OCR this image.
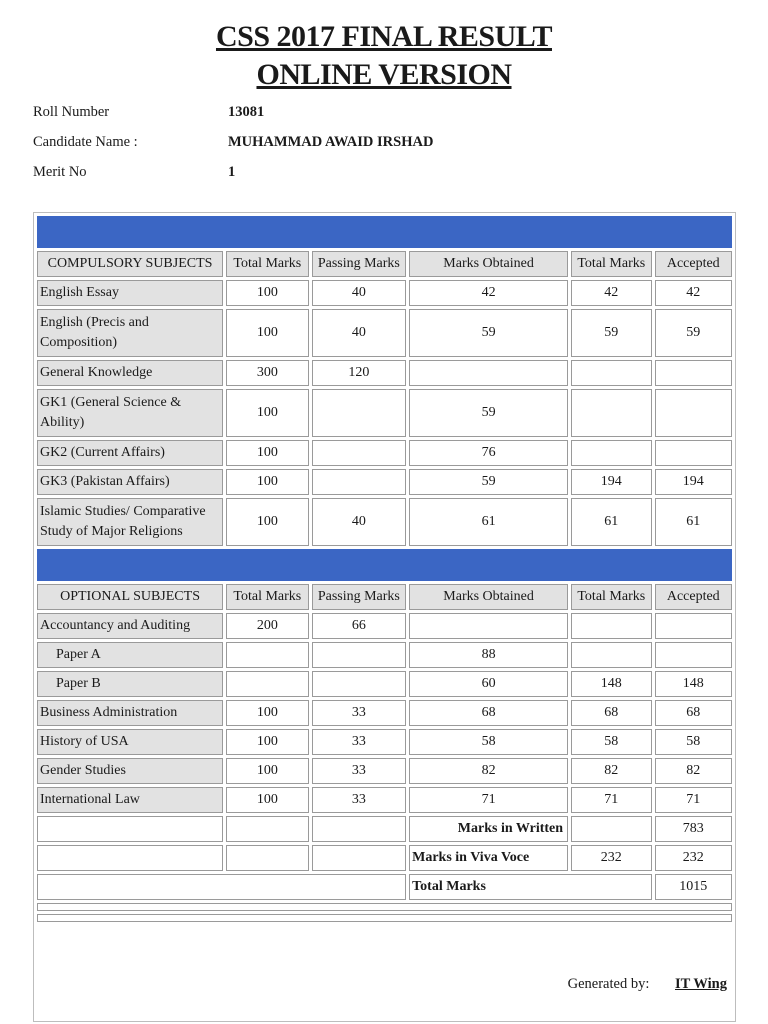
CSS 2017 FINAL RESULT
ONLINE VERSION
Roll Number	13081
Candidate Name :	MUHAMMAD AWAID IRSHAD
Merit No	1

COMPULSORY SUBJECTS	Total Marks	Passing Marks	Marks Obtained	Total Marks	Accepted
English Essay	100	40	42	42	42
English (Precis and Composition)	100	40	59	59	59
General Knowledge	300	120			
GK1 (General Science & Ability)	100		59		
GK2 (Current Affairs)	100		76		
GK3 (Pakistan Affairs)	100		59	194	194
Islamic Studies/ Comparative Study of Major Religions	100	40	61	61	61

OPTIONAL SUBJECTS	Total Marks	Passing Marks	Marks Obtained	Total Marks	Accepted
Accountancy and Auditing	200	66			
Paper A			88		
Paper B			60	148	148
Business Administration	100	33	68	68	68
History of USA	100	33	58	58	58
Gender Studies	100	33	82	82	82
International Law	100	33	71	71	71
			Marks in Written		783
			Marks in Viva Voce	232	232
			Total Marks		1015

Generated by: IT Wing
